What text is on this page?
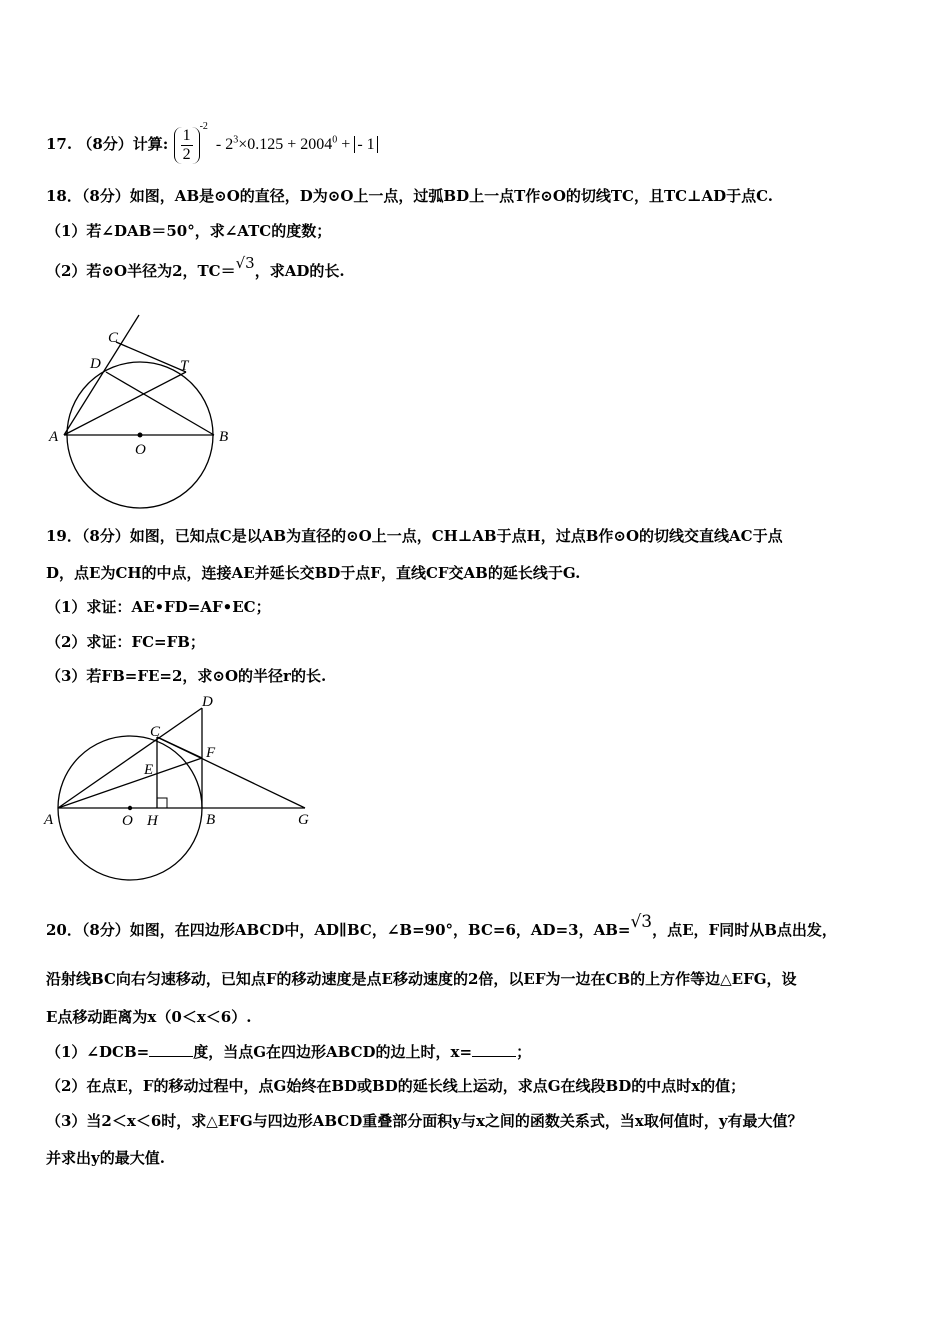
17. （8分）计算: $\frac{1}{2}$
$^{-2} - 2^3\times 0.125 + 2004^0$ + - 1
18．（8分）如图，AB是⊙O的直径，D为⊙O上一点，过弧BD上一点T作⊙O的切线TC，且TC⊥AD于点C.
（1）若∠DAB＝50°，求∠ATC的度数；
（2）若⊙O半径为2，TC＝√3，求AD的长.
C
D	T
A	B
O
19．（8分）如图，已知点C是以AB为直径的⊙O上一点，CH⊥AB于点H，过点B作⊙O的切线交直线AC于点
D，点E为CH的中点，连接AE并延长交BD于点F，直线CF交AB的延长线于G.
（1）求证：AE•FD=AF•EC；
（2）求证：FC=FB；
（3）若FB=FE=2，求⊙O的半径r的长.
D
C
F
E
A	O H	B	G
20．（8分）如图，在四边形ABCD中，AD∥BC，∠B=90°，BC=6，AD=3，AB=√3，点E，F同时从B点出发，
沿射线BC向右匀速移动，已知点F的移动速度是点E移动速度的2倍，以EF为一边在CB的上方作等边△EFG，设
E点移动距离为x（0＜x＜6）.
（1）∠DCB=	度，当点G在四边形ABCD的边上时，x=	；
（2）在点E，F的移动过程中，点G始终在BD或BD的延长线上运动，求点G在线段BD的中点时x的值；
（3）当2＜x＜6时，求△EFG与四边形ABCD重叠部分面积y与x之间的函数关系式，当x取何值时，y有最大值？
并求出y的最大值.
